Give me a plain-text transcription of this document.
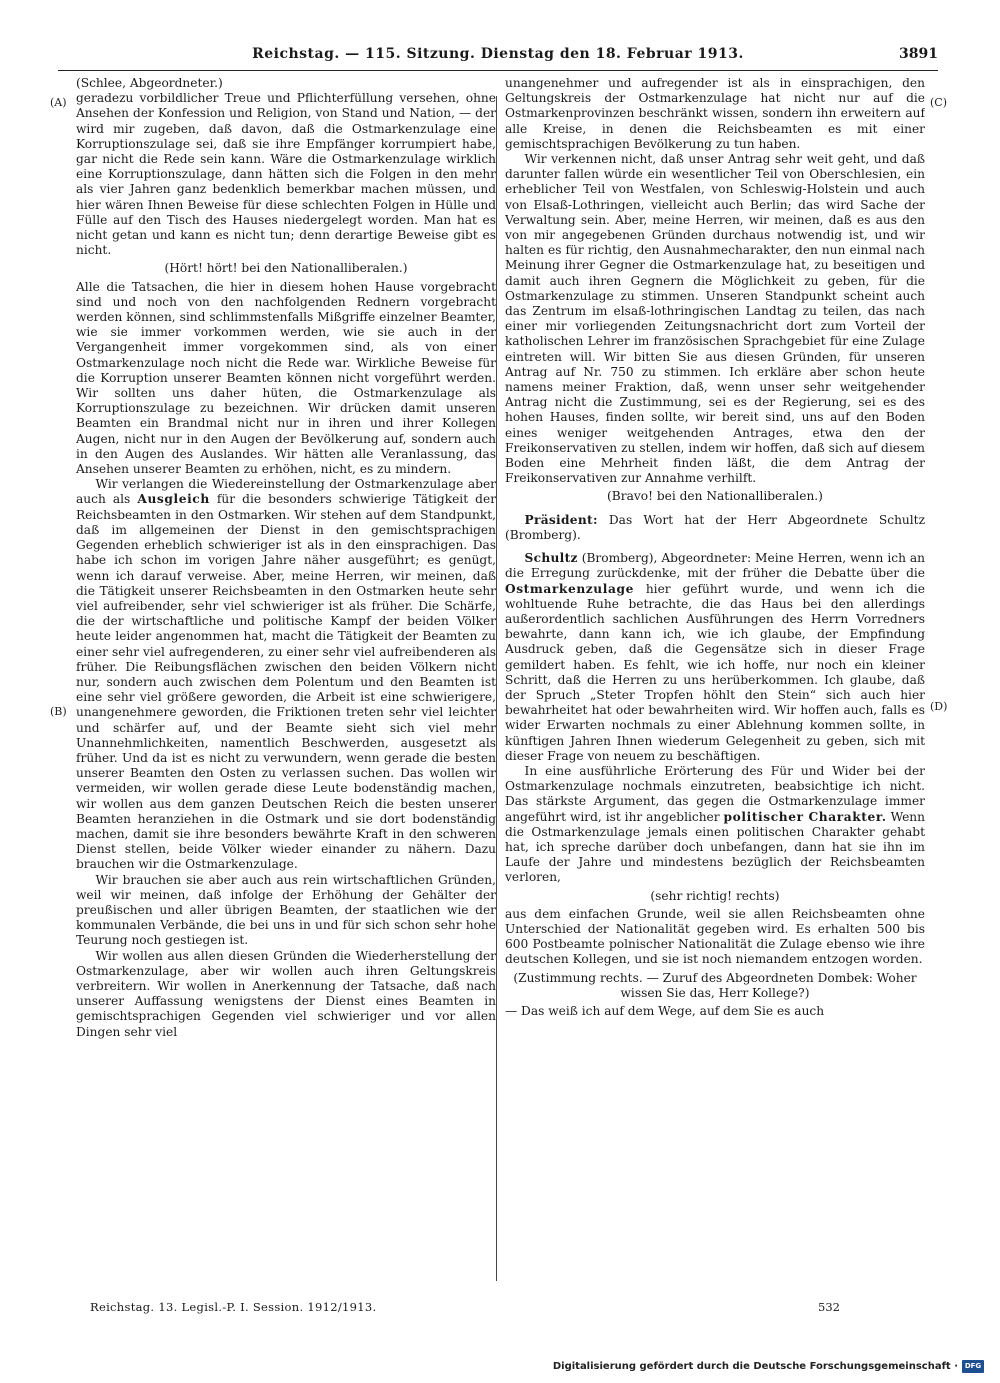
Reichstag. — 115. Sitzung. Dienstag den 18. Februar 1913.	3891
(A)
(B)
(C)
(D)

(Schlee, Abgeordneter.)

geradezu vorbildlicher Treue und Pflichterfüllung versehen, ohne Ansehen der Konfession und Religion, von Stand und Nation, — der wird mir zugeben, daß davon, daß die Ostmarkenzulage eine Korruptionszulage sei, daß sie ihre Empfänger korrumpiert habe, gar nicht die Rede sein kann. Wäre die Ostmarkenzulage wirklich eine Korruptionszulage, dann hätten sich die Folgen in den mehr als vier Jahren ganz bedenklich bemerkbar machen müssen, und hier wären Ihnen Beweise für diese schlechten Folgen in Hülle und Fülle auf den Tisch des Hauses niedergelegt worden. Man hat es nicht getan und kann es nicht tun; denn derartige Beweise gibt es nicht.

(Hört! hört! bei den Nationalliberalen.)

Alle die Tatsachen, die hier in diesem hohen Hause vorgebracht sind und noch von den nachfolgenden Rednern vorgebracht werden können, sind schlimmstenfalls Mißgriffe einzelner Beamter, wie sie immer vorkommen werden, wie sie auch in der Vergangenheit immer vorgekommen sind, als von einer Ostmarkenzulage noch nicht die Rede war. Wirkliche Beweise für die Korruption unserer Beamten können nicht vorgeführt werden. Wir sollten uns daher hüten, die Ostmarkenzulage als Korruptionszulage zu bezeichnen. Wir drücken damit unseren Beamten ein Brandmal nicht nur in ihren und ihrer Kollegen Augen, nicht nur in den Augen der Bevölkerung auf, sondern auch in den Augen des Auslandes. Wir hätten alle Veranlassung, das Ansehen unserer Beamten zu erhöhen, nicht, es zu mindern.

Wir verlangen die Wiedereinstellung der Ostmarkenzulage aber auch als Ausgleich für die besonders schwierige Tätigkeit der Reichsbeamten in den Ostmarken. Wir stehen auf dem Standpunkt, daß im allgemeinen der Dienst in den gemischtsprachigen Gegenden erheblich schwieriger ist als in den einsprachigen. Das habe ich schon im vorigen Jahre näher ausgeführt; es genügt, wenn ich darauf verweise. Aber, meine Herren, wir meinen, daß die Tätigkeit unserer Reichsbeamten in den Ostmarken heute sehr viel aufreibender, sehr viel schwieriger ist als früher. Die Schärfe, die der wirtschaftliche und politische Kampf der beiden Völker heute leider angenommen hat, macht die Tätigkeit der Beamten zu einer sehr viel aufregenderen, zu einer sehr viel aufreibenderen als früher. Die Reibungsflächen zwischen den beiden Völkern nicht nur, sondern auch zwischen dem Polentum und den Beamten ist eine sehr viel größere geworden, die Arbeit ist eine schwierigere, unangenehmere geworden, die Friktionen treten sehr viel leichter und schärfer auf, und der Beamte sieht sich viel mehr Unannehmlichkeiten, namentlich Beschwerden, ausgesetzt als früher. Und da ist es nicht zu verwundern, wenn gerade die besten unserer Beamten den Osten zu verlassen suchen. Das wollen wir vermeiden, wir wollen gerade diese Leute bodenständig machen, wir wollen aus dem ganzen Deutschen Reich die besten unserer Beamten heranziehen in die Ostmark und sie dort bodenständig machen, damit sie ihre besonders bewährte Kraft in den schweren Dienst stellen, beide Völker wieder einander zu nähern. Dazu brauchen wir die Ostmarkenzulage.

Wir brauchen sie aber auch aus rein wirtschaftlichen Gründen, weil wir meinen, daß infolge der Erhöhung der Gehälter der preußischen und aller übrigen Beamten, der staatlichen wie der kommunalen Verbände, die bei uns in und für sich schon sehr hohe Teurung noch gestiegen ist.

Wir wollen aus allen diesen Gründen die Wiederherstellung der Ostmarkenzulage, aber wir wollen auch ihren Geltungskreis verbreitern. Wir wollen in Anerkennung der Tatsache, daß nach unserer Auffassung wenigstens der Dienst eines Beamten in gemischtsprachigen Gegenden viel schwieriger und vor allen Dingen sehr viel

unangenehmer und aufregender ist als in einsprachigen, den Geltungskreis der Ostmarkenzulage hat nicht nur auf die Ostmarkenprovinzen beschränkt wissen, sondern ihn erweitern auf alle Kreise, in denen die Reichsbeamten es mit einer gemischtsprachigen Bevölkerung zu tun haben.

Wir verkennen nicht, daß unser Antrag sehr weit geht, und daß darunter fallen würde ein wesentlicher Teil von Oberschlesien, ein erheblicher Teil von Westfalen, von Schleswig-Holstein und auch von Elsaß-Lothringen, vielleicht auch Berlin; das wird Sache der Verwaltung sein. Aber, meine Herren, wir meinen, daß es aus den von mir angegebenen Gründen durchaus notwendig ist, und wir halten es für richtig, den Ausnahmecharakter, den nun einmal nach Meinung ihrer Gegner die Ostmarkenzulage hat, zu beseitigen und damit auch ihren Gegnern die Möglichkeit zu geben, für die Ostmarkenzulage zu stimmen. Unseren Standpunkt scheint auch das Zentrum im elsaß-lothringischen Landtag zu teilen, das nach einer mir vorliegenden Zeitungsnachricht dort zum Vorteil der katholischen Lehrer im französischen Sprachgebiet für eine Zulage eintreten will. Wir bitten Sie aus diesen Gründen, für unseren Antrag auf Nr. 750 zu stimmen. Ich erkläre aber schon heute namens meiner Fraktion, daß, wenn unser sehr weitgehender Antrag nicht die Zustimmung, sei es der Regierung, sei es des hohen Hauses, finden sollte, wir bereit sind, uns auf den Boden eines weniger weitgehenden Antrages, etwa den der Freikonservativen zu stellen, indem wir hoffen, daß sich auf diesem Boden eine Mehrheit finden läßt, die dem Antrag der Freikonservativen zur Annahme verhilft.

(Bravo! bei den Nationalliberalen.)

Präsident: Das Wort hat der Herr Abgeordnete Schultz (Bromberg).

Schultz (Bromberg), Abgeordneter: Meine Herren, wenn ich an die Erregung zurückdenke, mit der früher die Debatte über die Ostmarkenzulage hier geführt wurde, und wenn ich die wohltuende Ruhe betrachte, die das Haus bei den allerdings außerordentlich sachlichen Ausführungen des Herrn Vorredners bewahrte, dann kann ich, wie ich glaube, der Empfindung Ausdruck geben, daß die Gegensätze sich in dieser Frage gemildert haben. Es fehlt, wie ich hoffe, nur noch ein kleiner Schritt, daß die Herren zu uns herüberkommen. Ich glaube, daß der Spruch „Steter Tropfen höhlt den Stein“ sich auch hier bewahrheitet hat oder bewahrheiten wird. Wir hoffen auch, falls es wider Erwarten nochmals zu einer Ablehnung kommen sollte, in künftigen Jahren Ihnen wiederum Gelegenheit zu geben, sich mit dieser Frage von neuem zu beschäftigen.

In eine ausführliche Erörterung des Für und Wider bei der Ostmarkenzulage nochmals einzutreten, beabsichtige ich nicht. Das stärkste Argument, das gegen die Ostmarkenzulage immer angeführt wird, ist ihr angeblicher politischer Charakter. Wenn die Ostmarkenzulage jemals einen politischen Charakter gehabt hat, ich spreche darüber doch unbefangen, dann hat sie ihn im Laufe der Jahre und mindestens bezüglich der Reichsbeamten verloren,

(sehr richtig! rechts)

aus dem einfachen Grunde, weil sie allen Reichsbeamten ohne Unterschied der Nationalität gegeben wird. Es erhalten 500 bis 600 Postbeamte polnischer Nationalität die Zulage ebenso wie ihre deutschen Kollegen, und sie ist noch niemandem entzogen worden.

(Zustimmung rechts. — Zuruf des Abgeordneten Dombek: Woher wissen Sie das, Herr Kollege?)

— Das weiß ich auf dem Wege, auf dem Sie es auch

Reichstag. 13. Legisl.-P. I. Session. 1912/1913.	532
Digitalisierung gefördert durch die Deutsche Forschungsgemeinschaft · DFG
